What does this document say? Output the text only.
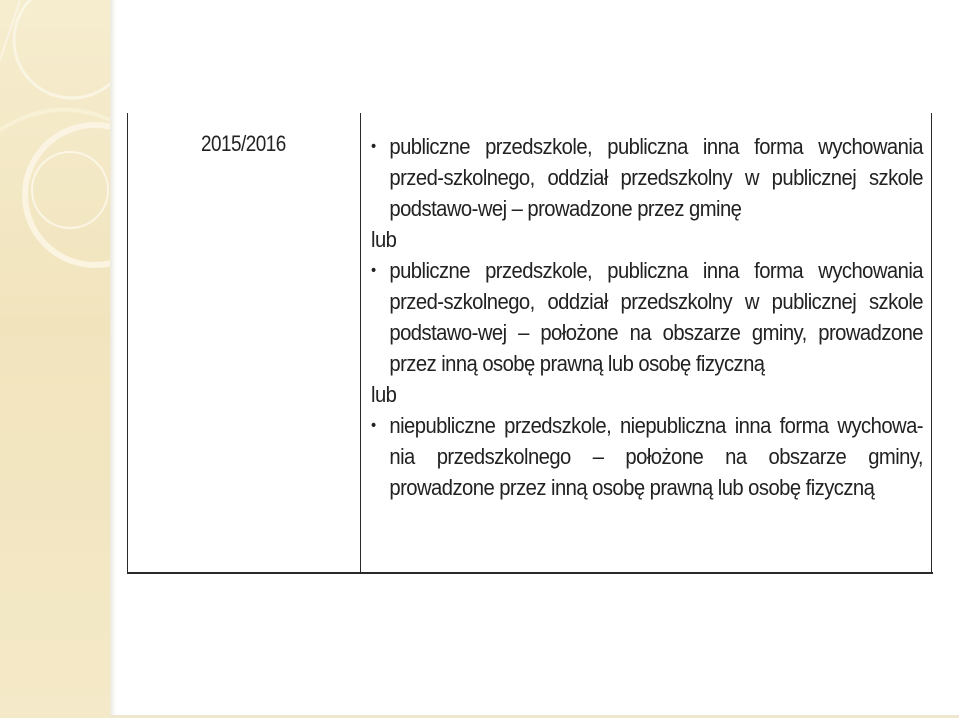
2015/2016	• publiczne przedszkole, publiczna inna forma wychowania przed-szkolnego, oddział przedszkolny w publicznej szkole podstawo-wej – prowadzone przez gminę
lub
• publiczne przedszkole, publiczna inna forma wychowania przed-szkolnego, oddział przedszkolny w publicznej szkole podstawo-wej – położone na obszarze gminy, prowadzone przez inną osobę prawną lub osobę fizyczną
lub
• niepubliczne przedszkole, niepubliczna inna forma wychowa-nia przedszkolnego – położone na obszarze gminy, prowadzone przez inną osobę prawną lub osobę fizyczną
